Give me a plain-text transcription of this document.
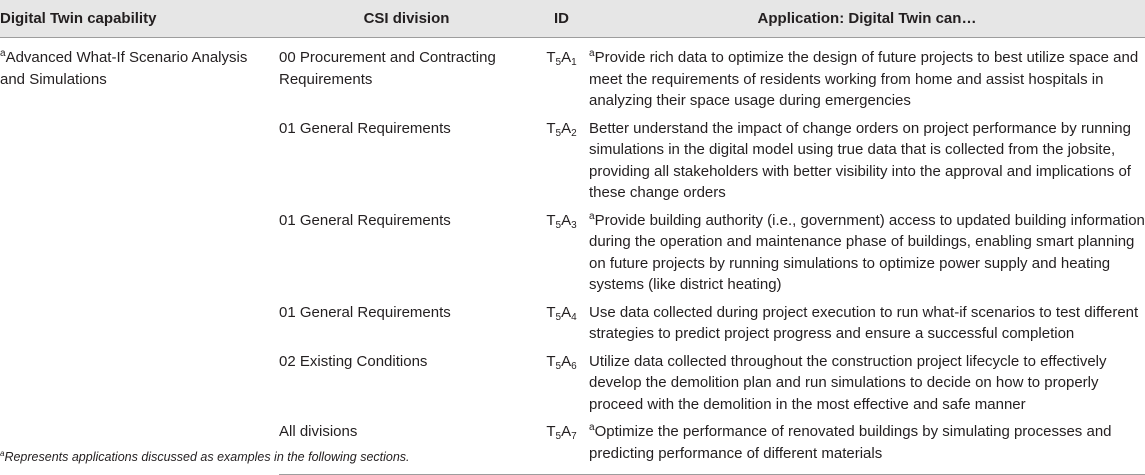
Digital Twin capability	CSI division	ID	Application: Digital Twin can…
$^a$Advanced What-If Scenario Analysis and Simulations	00 Procurement and Contracting Requirements	$T_5A_1$	$^a$Provide rich data to optimize the design of future projects to best utilize space and meet the requirements of residents working from home and assist hospitals in analyzing their space usage during emergencies
	01 General Requirements	$T_5A_2$	Better understand the impact of change orders on project performance by running simulations in the digital model using true data that is collected from the jobsite, providing all stakeholders with better visibility into the approval and implications of these change orders
	01 General Requirements	$T_5A_3$	$^a$Provide building authority (i.e., government) access to updated building information during the operation and maintenance phase of buildings, enabling smart planning on future projects by running simulations to optimize power supply and heating systems (like district heating)
	01 General Requirements	$T_5A_4$	Use data collected during project execution to run what-if scenarios to test different strategies to predict project progress and ensure a successful completion
	02 Existing Conditions	$T_5A_6$	Utilize data collected throughout the construction project lifecycle to effectively develop the demolition plan and run simulations to decide on how to properly proceed with the demolition in the most effective and safe manner
	All divisions	$T_5A_7$	$^a$Optimize the performance of renovated buildings by simulating processes and predicting performance of different materials
$^a$Represents applications discussed as examples in the following sections.
